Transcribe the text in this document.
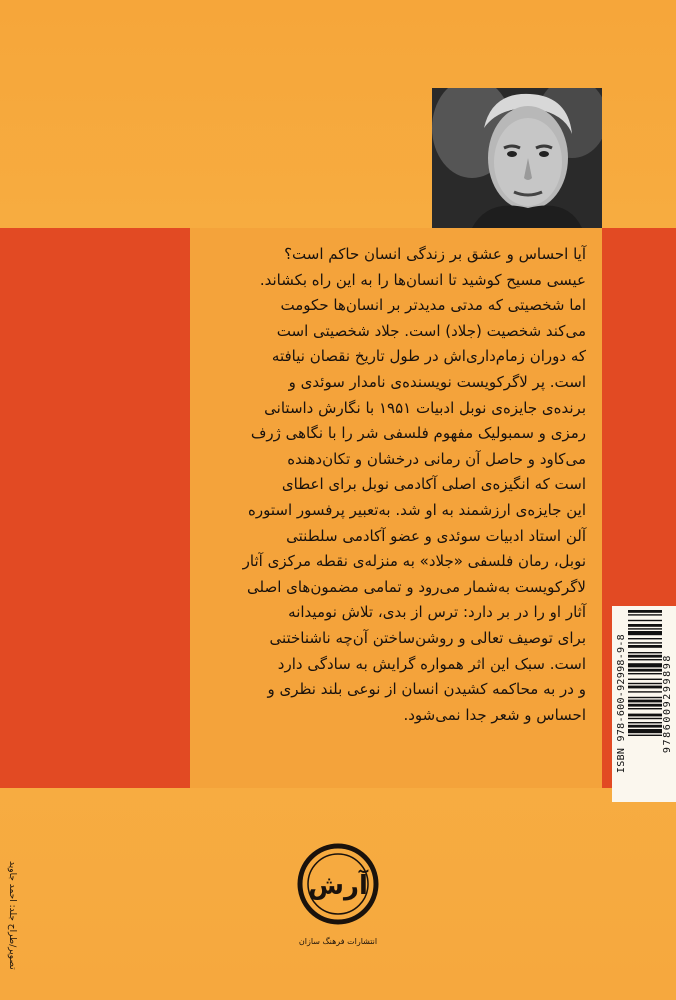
آیا احساس و عشق بر زندگی انسان حاکم است؟
عیسی مسیح کوشید تا انسان‌ها را به این راه بکشاند.
اما شخصیتی که مدتی مدیدتر بر انسان‌ها حکومت
می‌کند شخصیت (جلاد) است. جلاد شخصیتی است
که دوران زمام‌داری‌اش در طول تاریخ نقصان نیافته
است. پر لاگرکویست نویسنده‌ی نامدار سوئدی و
برنده‌ی جایزه‌ی نوبل ادبیات ۱۹۵۱ با نگارش داستانی
رمزی و سمبولیک مفهوم فلسفی شر را با نگاهی ژرف
می‌کاود و حاصل آن رمانی درخشان و تکان‌دهنده
است که انگیزه‌ی اصلی آکادمی نوبل برای اعطای
این جایزه‌ی ارزشمند به او شد. به‌تعبیر پرفسور استوره
آلن استاد ادبیات سوئدی و عضو آکادمی سلطنتی
نوبل، رمان فلسفی «جلاد» به منزله‌ی نقطه مرکزی آثار
لاگرکویست به‌شمار می‌رود و تمامی مضمون‌های اصلی
آثار او را در بر دارد: ترس از بدی، تلاش نومیدانه
برای توصیف تعالی و روشن‌ساختن آن‌چه ناشناختنی
است. سبک این اثر همواره گرایش به سادگی دارد
و در به محاکمه کشیدن انسان از نوعی بلند نظری و
احساس و شعر جدا نمی‌شود.	ISBN 978-600-92998-9-8	9786009299898
آرش
انتشارات فرهنگ سازان
تصویر/طراح جلد: احمد جاوید
